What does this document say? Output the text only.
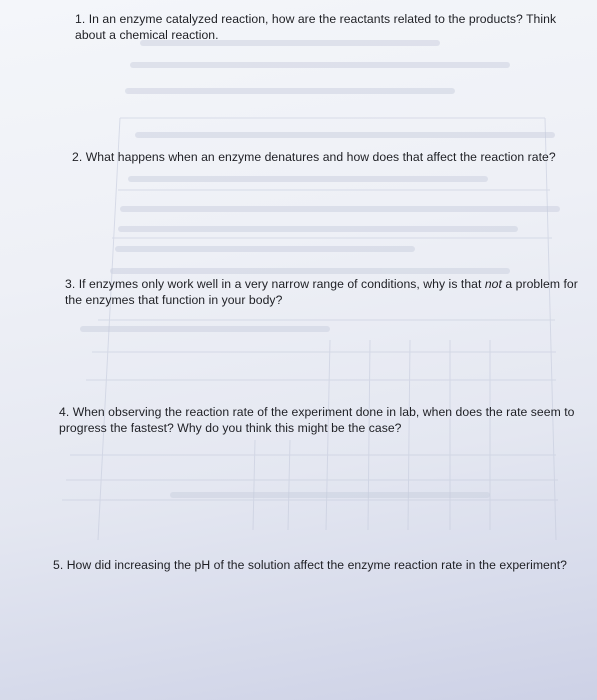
1. In an enzyme catalyzed reaction, how are the reactants related to the products? Think about a chemical reaction.
2. What happens when an enzyme denatures and how does that affect the reaction rate?
3. If enzymes only work well in a very narrow range of conditions, why is that not a problem for the enzymes that function in your body?
4. When observing the reaction rate of the experiment done in lab, when does the rate seem to progress the fastest? Why do you think this might be the case?
5. How did increasing the pH of the solution affect the enzyme reaction rate in the experiment?
